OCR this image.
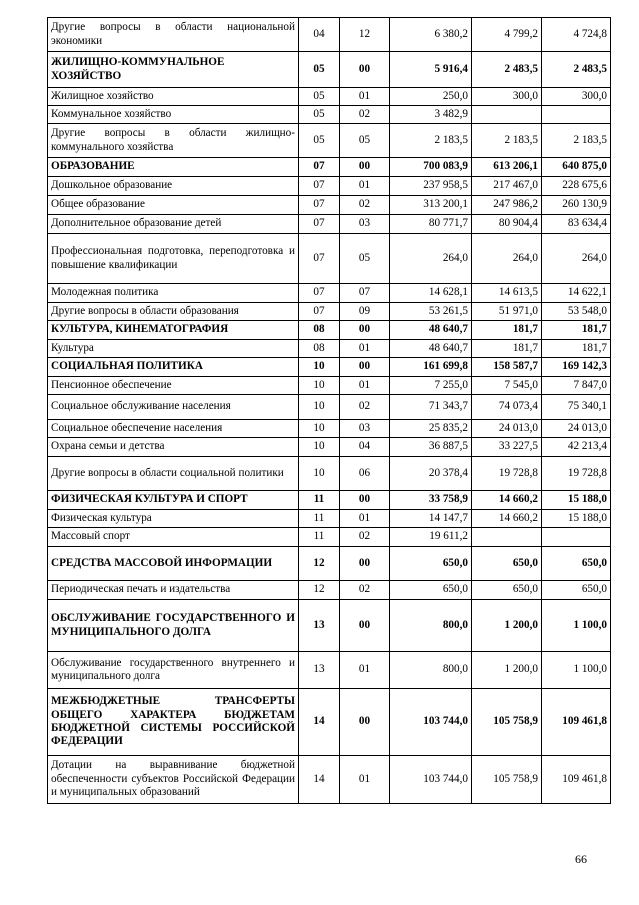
Другие вопросы в области национальной экономики	04	12	6 380,2	4 799,2	4 724,8
ЖИЛИЩНО-КОММУНАЛЬНОЕ ХОЗЯЙСТВО	05	00	5 916,4	2 483,5	2 483,5
Жилищное хозяйство	05	01	250,0	300,0	300,0
Коммунальное хозяйство	05	02	3 482,9		
Другие вопросы в области жилищно-коммунального хозяйства	05	05	2 183,5	2 183,5	2 183,5
ОБРАЗОВАНИЕ	07	00	700 083,9	613 206,1	640 875,0
Дошкольное образование	07	01	237 958,5	217 467,0	228 675,6
Общее образование	07	02	313 200,1	247 986,2	260 130,9
Дополнительное образование детей	07	03	80 771,7	80 904,4	83 634,4
Профессиональная подготовка, переподготовка и повышение квалификации	07	05	264,0	264,0	264,0
Молодежная политика	07	07	14 628,1	14 613,5	14 622,1
Другие вопросы в области образования	07	09	53 261,5	51 971,0	53 548,0
КУЛЬТУРА, КИНЕМАТОГРАФИЯ	08	00	48 640,7	181,7	181,7
Культура	08	01	48 640,7	181,7	181,7
СОЦИАЛЬНАЯ ПОЛИТИКА	10	00	161 699,8	158 587,7	169 142,3
Пенсионное обеспечение	10	01	7 255,0	7 545,0	7 847,0
Социальное обслуживание населения	10	02	71 343,7	74 073,4	75 340,1
Социальное обеспечение населения	10	03	25 835,2	24 013,0	24 013,0
Охрана семьи и детства	10	04	36 887,5	33 227,5	42 213,4
Другие вопросы в области социальной политики	10	06	20 378,4	19 728,8	19 728,8
ФИЗИЧЕСКАЯ КУЛЬТУРА И СПОРТ	11	00	33 758,9	14 660,2	15 188,0
Физическая культура	11	01	14 147,7	14 660,2	15 188,0
Массовый спорт	11	02	19 611,2		
СРЕДСТВА МАССОВОЙ ИНФОРМАЦИИ	12	00	650,0	650,0	650,0
Периодическая печать и издательства	12	02	650,0	650,0	650,0
ОБСЛУЖИВАНИЕ ГОСУДАРСТВЕННОГО И МУНИЦИПАЛЬНОГО ДОЛГА	13	00	800,0	1 200,0	1 100,0
Обслуживание государственного внутреннего и муниципального долга	13	01	800,0	1 200,0	1 100,0
МЕЖБЮДЖЕТНЫЕ ТРАНСФЕРТЫ ОБЩЕГО ХАРАКТЕРА БЮДЖЕТАМ БЮДЖЕТНОЙ СИСТЕМЫ РОССИЙСКОЙ ФЕДЕРАЦИИ	14	00	103 744,0	105 758,9	109 461,8
Дотации на выравнивание бюджетной обеспеченности субъектов Российской Федерации и муниципальных образований	14	01	103 744,0	105 758,9	109 461,8
66
